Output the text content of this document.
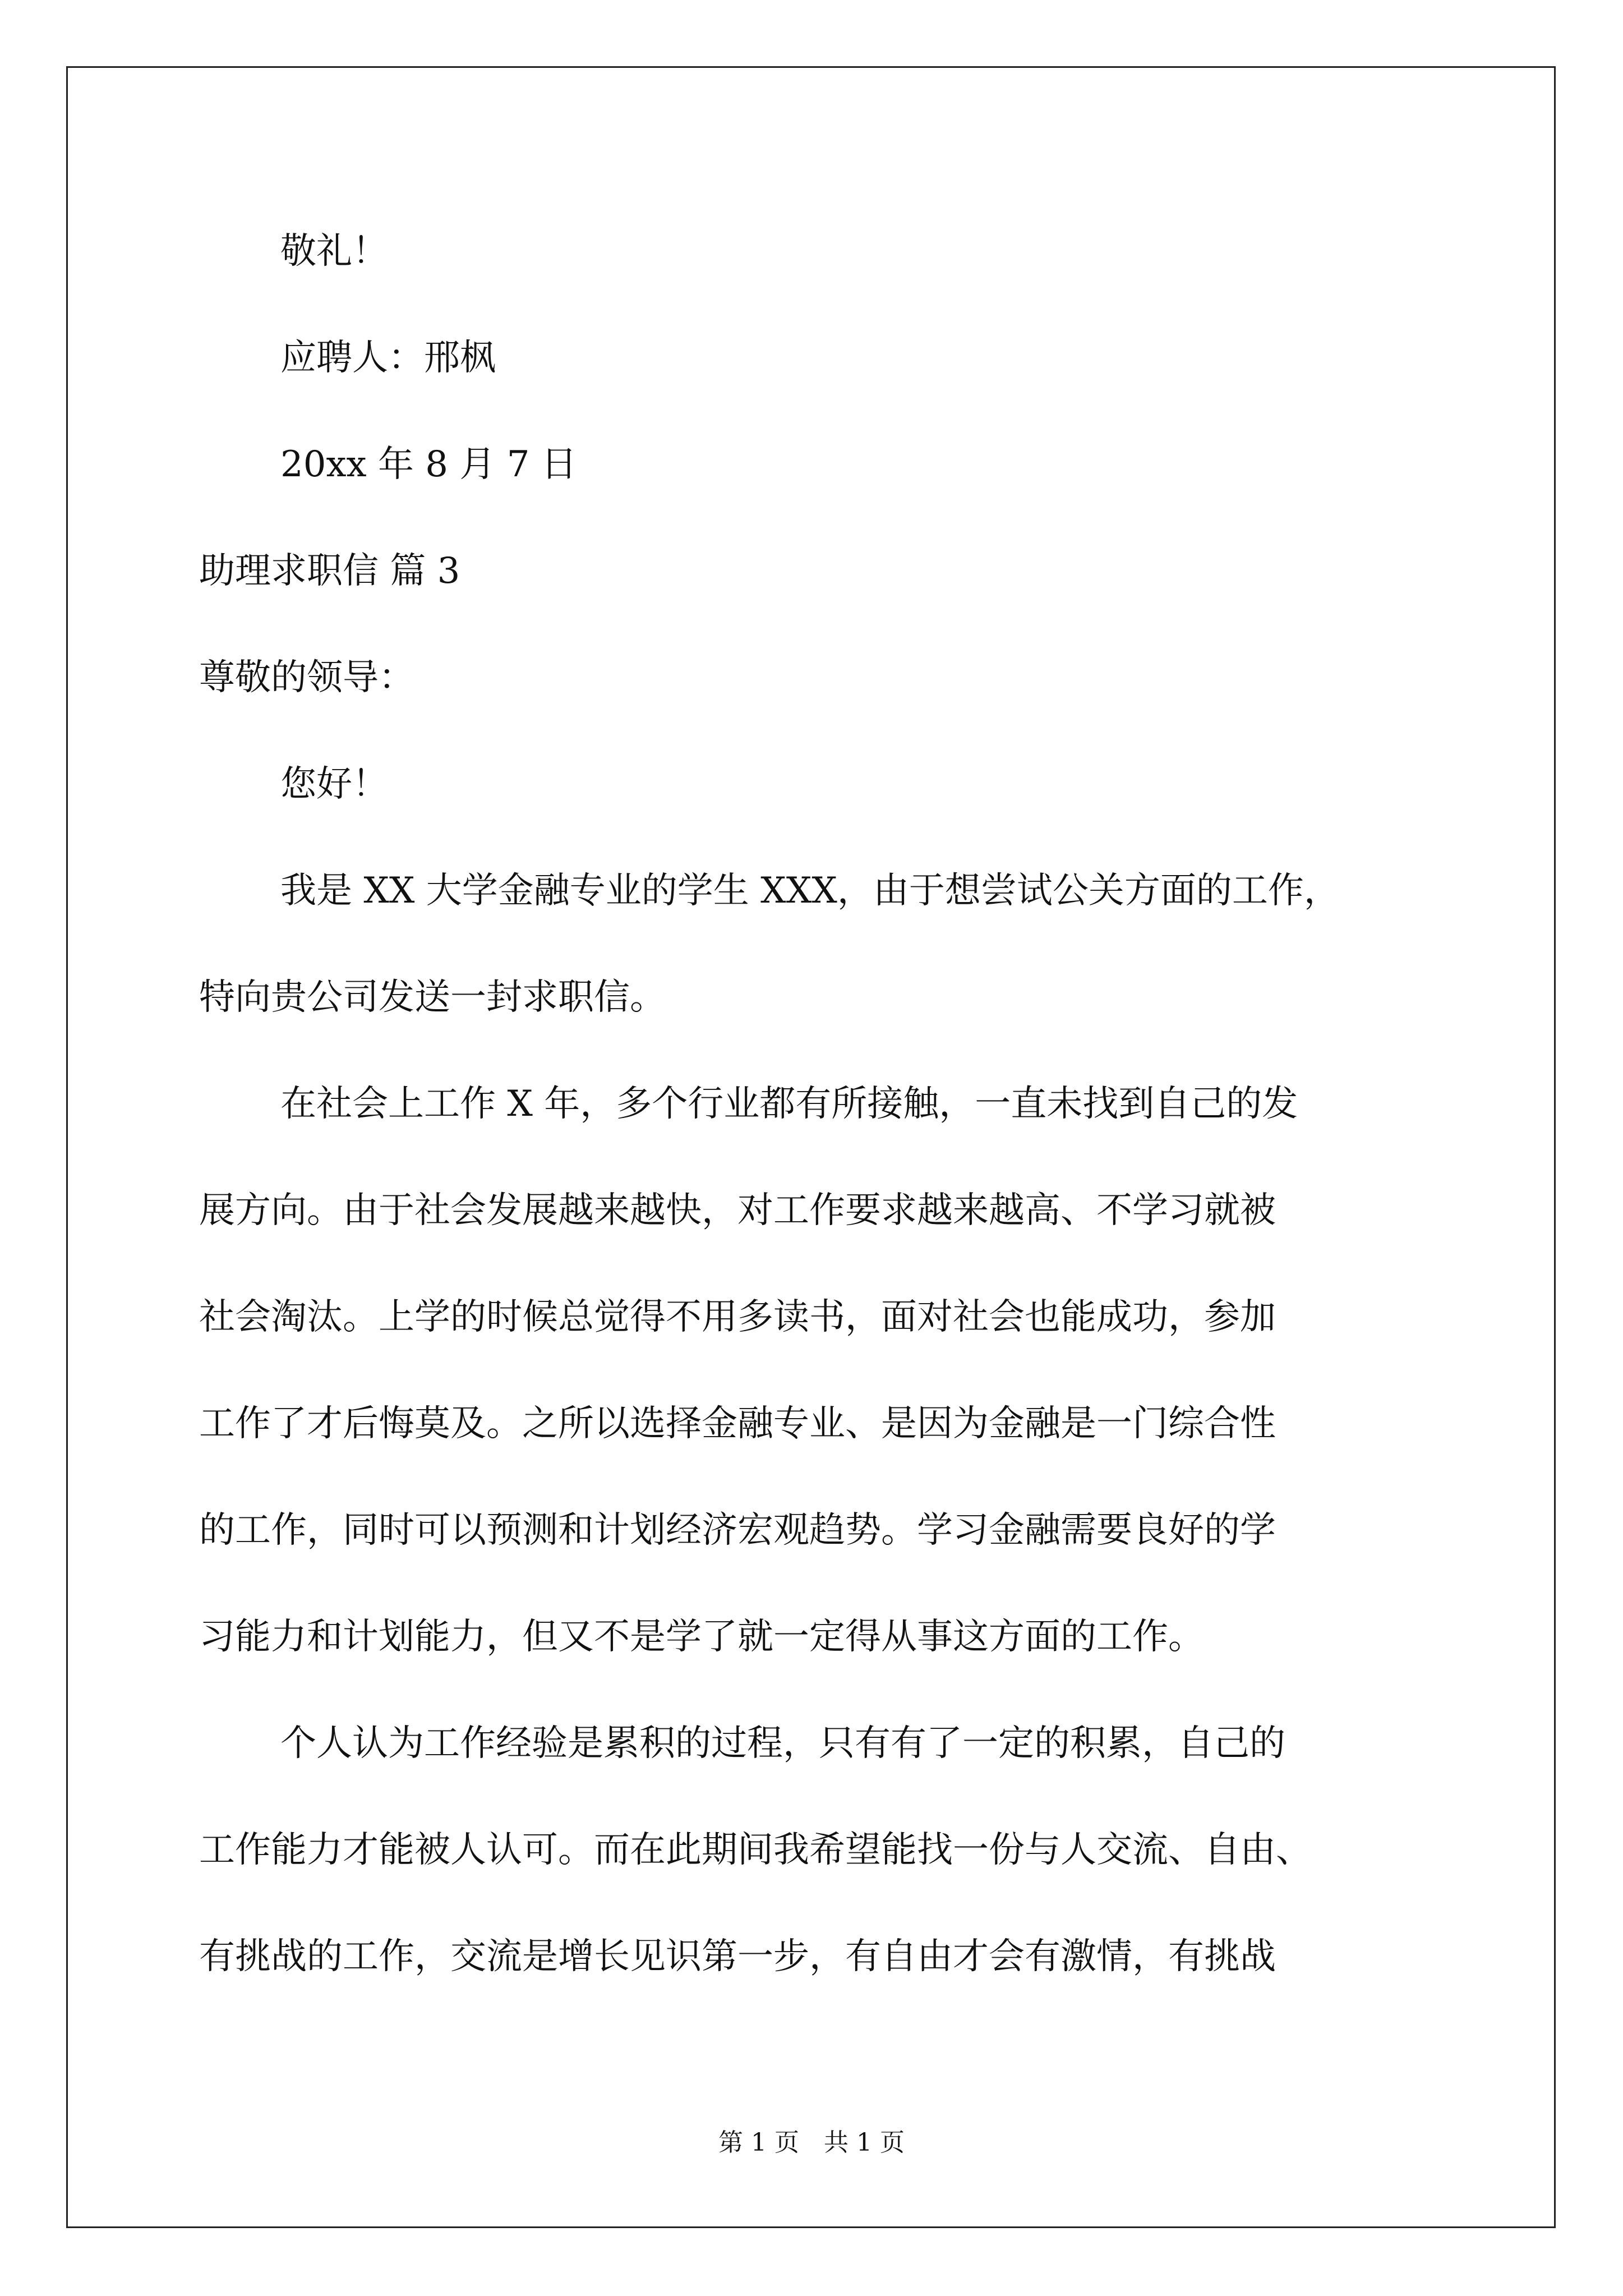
敬礼！
应聘人：邢枫
20xx 年 8 月 7 日
助理求职信 篇 3
尊敬的领导：
您好！
我是 XX 大学金融专业的学生 XXX，由于想尝试公关方面的工作，
特向贵公司发送一封求职信。
在社会上工作 X 年，多个行业都有所接触，一直未找到自己的发
展方向。由于社会发展越来越快，对工作要求越来越高、不学习就被
社会淘汰。上学的时候总觉得不用多读书，面对社会也能成功，参加
工作了才后悔莫及。之所以选择金融专业、是因为金融是一门综合性
的工作，同时可以预测和计划经济宏观趋势。学习金融需要良好的学
习能力和计划能力，但又不是学了就一定得从事这方面的工作。
个人认为工作经验是累积的过程，只有有了一定的积累，自己的
工作能力才能被人认可。而在此期间我希望能找一份与人交流、自由、
有挑战的工作，交流是增长见识第一步，有自由才会有激情，有挑战
第 1 页　共 1 页
